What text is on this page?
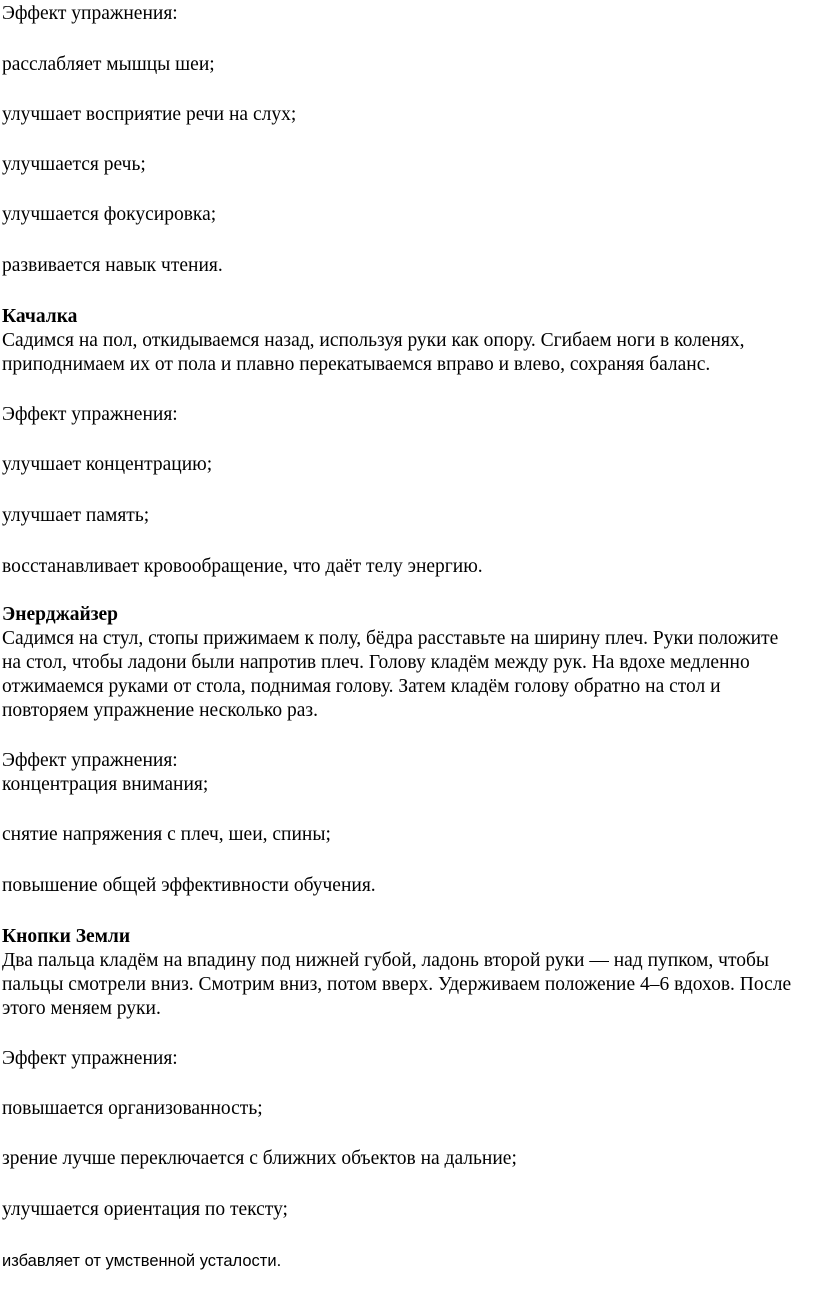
Эффект упражнения:
расслабляет мышцы шеи;
улучшает восприятие речи на слух;
улучшается речь;
улучшается фокусировка;
развивается навык чтения.
Качалка
Садимся на пол, откидываемся назад, используя руки как опору. Сгибаем ноги в коленях,
приподнимаем их от пола и плавно перекатываемся вправо и влево, сохраняя баланс.
Эффект упражнения:
улучшает концентрацию;
улучшает память;
восстанавливает кровообращение, что даёт телу энергию.
Энерджайзер
Садимся на стул, стопы прижимаем к полу, бёдра расставьте на ширину плеч. Руки положите
на стол, чтобы ладони были напротив плеч. Голову кладём между рук. На вдохе медленно
отжимаемся руками от стола, поднимая голову. Затем кладём голову обратно на стол и
повторяем упражнение несколько раз.
Эффект упражнения:
концентрация внимания;
снятие напряжения с плеч, шеи, спины;
повышение общей эффективности обучения.
Кнопки Земли
Два пальца кладём на впадину под нижней губой, ладонь второй руки — над пупком, чтобы
пальцы смотрели вниз. Смотрим вниз, потом вверх. Удерживаем положение 4–6 вдохов. После
этого меняем руки.
Эффект упражнения:
повышается организованность;
зрение лучше переключается с ближних объектов на дальние;
улучшается ориентация по тексту;
избавляет от умственной усталости.
